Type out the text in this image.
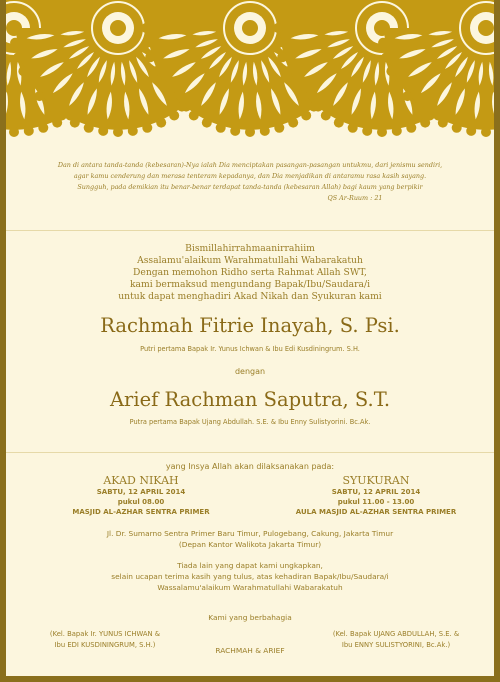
Dan di antara tanda-tanda (kebesaran)-Nya ialah Dia menciptakan pasangan-pasangan untukmu, dari jenismu sendiri,
agar kamu cenderung dan merasa tenteram kepadanya, dan Dia menjadikan di antaramu rasa kasih sayang.
Sungguh, pada demikian itu benar-benar terdapat tanda-tanda (kebesaran Allah) bagi kaum yang berpikir
QS Ar-Ruum : 21
Bismillahirrahmaanirrahiim
Assalamu'alaikum Warahmatullahi Wabarakatuh
Dengan memohon Ridho serta Rahmat Allah SWT,
kami bermaksud mengundang Bapak/Ibu/Saudara/i
untuk dapat menghadiri Akad Nikah dan Syukuran kami
Rachmah Fitrie Inayah, S. Psi.
Putri pertama Bapak Ir. Yunus Ichwan & Ibu Edi Kusdiningrum. S.H.
dengan
Arief Rachman Saputra, S.T.
Putra pertama Bapak Ujang Abdullah. S.E. & Ibu Enny Sulistyorini. Bc.Ak.
yang Insya Allah akan dilaksanakan pada:
AKAD NIKAH
SABTU, 12 APRIL 2014
pukul 08.00
MASJID AL-AZHAR SENTRA PRIMER
SYUKURAN
SABTU, 12 APRIL 2014
pukul 11.00 - 13.00
AULA MASJID AL-AZHAR SENTRA PRIMER
Jl. Dr. Sumarno Sentra Primer Baru Timur, Pulogebang, Cakung, Jakarta Timur
(Depan Kantor Walikota Jakarta Timur)
Tiada lain yang dapat kami ungkapkan,
selain ucapan terima kasih yang tulus, atas kehadiran Bapak/Ibu/Saudara/i
Wassalamu'alaikum Warahmatullahi Wabarakatuh
Kami yang berbahagia
(Kel. Bapak Ir. YUNUS ICHWAN &
Ibu EDI KUSDININGRUM, S.H.)
RACHMAH & ARIEF
(Kel. Bapak UJANG ABDULLAH, S.E. &
Ibu ENNY SULISTYORINI, Bc.Ak.)
